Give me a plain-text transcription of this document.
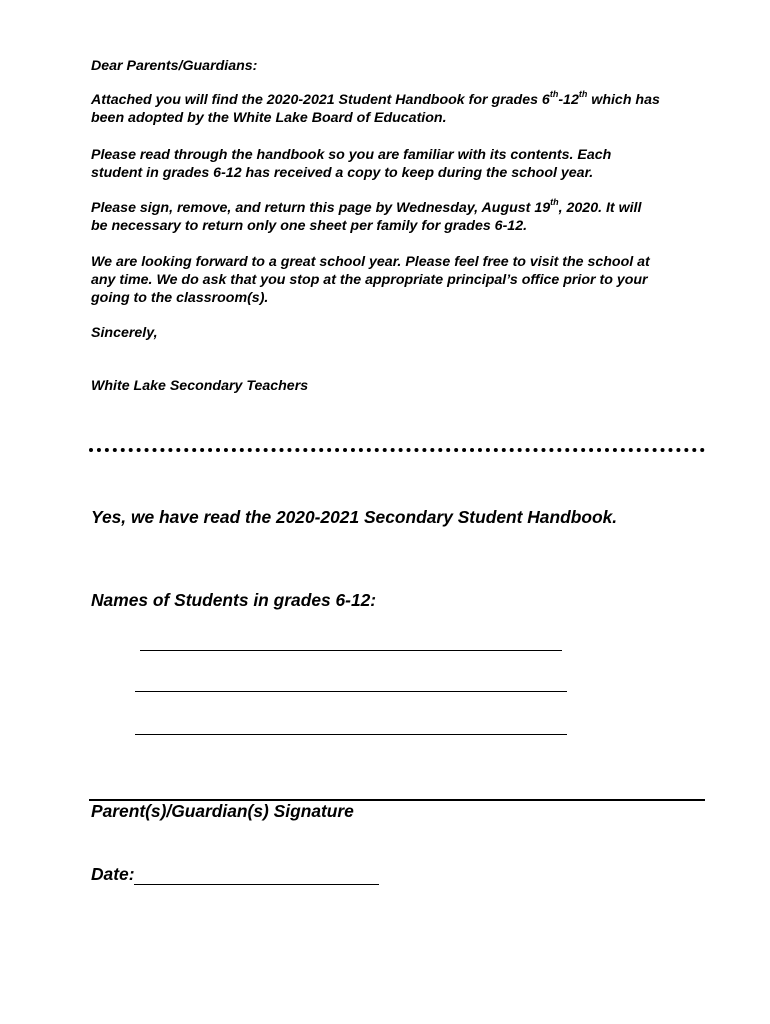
Dear Parents/Guardians:

Attached you will find the 2020-2021 Student Handbook for grades 6th-12th which has
been adopted by the White Lake Board of Education.

Please read through the handbook so you are familiar with its contents. Each
student in grades 6-12 has received a copy to keep during the school year.

Please sign, remove, and return this page by Wednesday, August 19th, 2020. It will
be necessary to return only one sheet per family for grades 6-12.

We are looking forward to a great school year. Please feel free to visit the school at
any time. We do ask that you stop at the appropriate principal’s office prior to your
going to the classroom(s).

Sincerely,

White Lake Secondary Teachers

Yes, we have read the 2020-2021 Secondary Student Handbook.

Names of Students in grades 6-12:

Parent(s)/Guardian(s) Signature

Date:
